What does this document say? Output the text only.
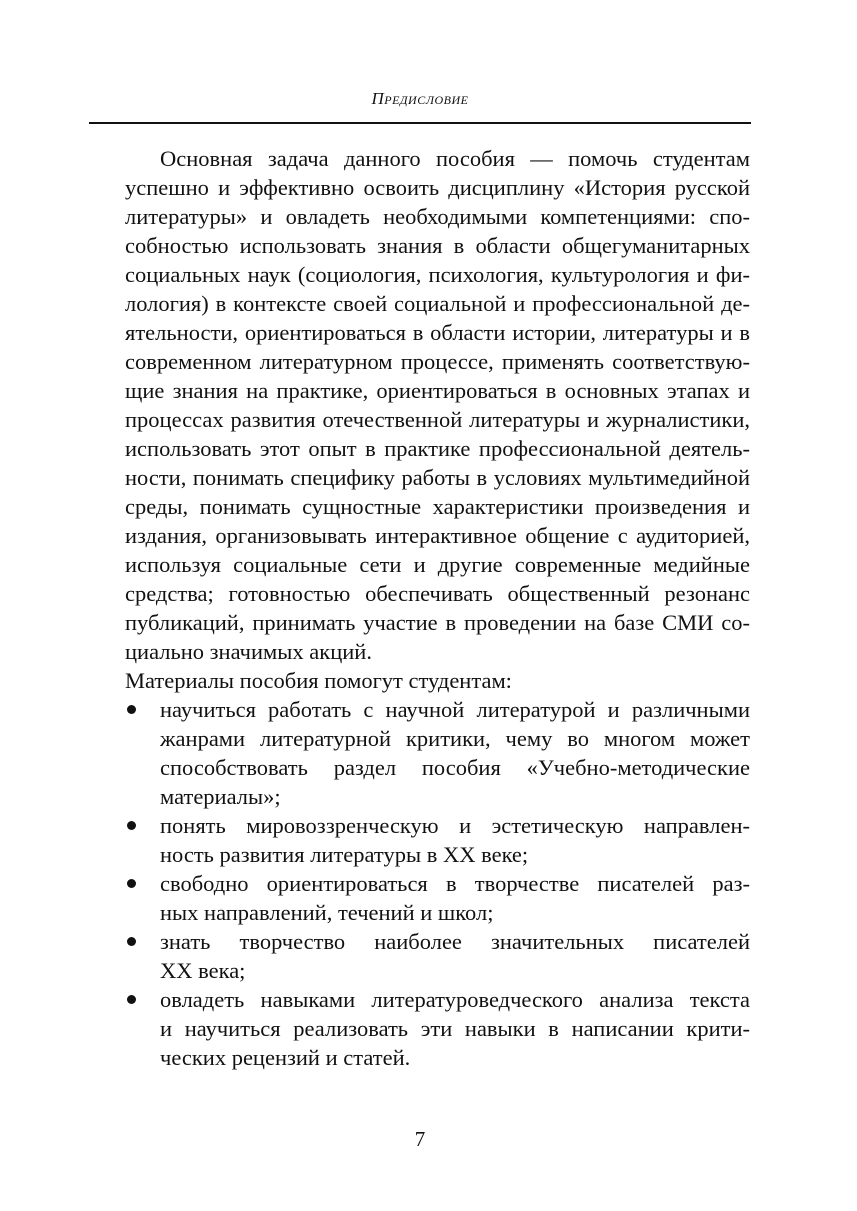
Предисловие
Основная задача данного пособия — помочь студентам
успешно и эффективно освоить дисциплину «История русской
литературы» и овладеть необходимыми компетенциями: спо-
собностью использовать знания в области общегуманитарных
социальных наук (социология, психология, культурология и фи-
лология) в контексте своей социальной и профессиональной де-
ятельности, ориентироваться в области истории, литературы и в
современном литературном процессе, применять соответствую-
щие знания на практике, ориентироваться в основных этапах и
процессах развития отечественной литературы и журналистики,
использовать этот опыт в практике профессиональной деятель-
ности, понимать специфику работы в условиях мультимедийной
среды, понимать сущностные характеристики произведения и
издания, организовывать интерактивное общение с аудиторией,
используя социальные сети и другие современные медийные
средства; готовностью обеспечивать общественный резонанс
публикаций, принимать участие в проведении на базе СМИ со-
циально значимых акций.
Материалы пособия помогут студентам:
научиться работать с научной литературой и различными
жанрами литературной критики, чему во многом может
способствовать раздел пособия «Учебно-методические
материалы»;
понять мировоззренческую и эстетическую направлен-
ность развития литературы в XX веке;
свободно ориентироваться в творчестве писателей раз-
ных направлений, течений и школ;
знать творчество наиболее значительных писателей
XX века;
овладеть навыками литературоведческого анализа текста
и научиться реализовать эти навыки в написании крити-
ческих рецензий и статей.
7
